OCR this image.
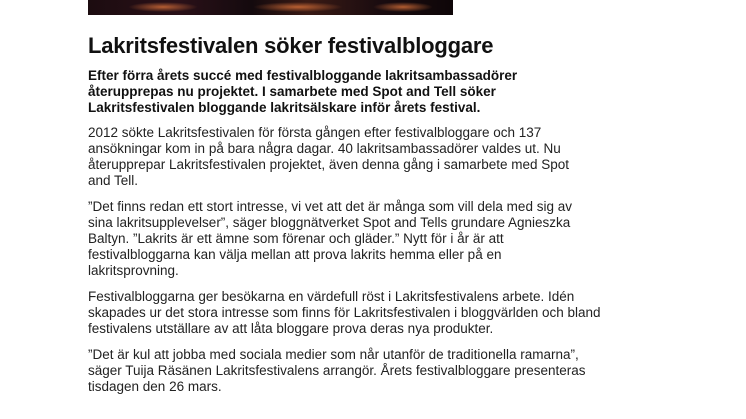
Lakritsfestivalen söker festivalbloggare

Efter förra årets succé med festivalbloggande lakritsambassadörer
återupprepas nu projektet. I samarbete med Spot and Tell söker
Lakritsfestivalen bloggande lakritsälskare inför årets festival.

2012 sökte Lakritsfestivalen för första gången efter festivalbloggare och 137
ansökningar kom in på bara några dagar. 40 lakritsambassadörer valdes ut. Nu
återupprepar Lakritsfestivalen projektet, även denna gång i samarbete med Spot
and Tell.

”Det finns redan ett stort intresse, vi vet att det är många som vill dela med sig av
sina lakritsupplevelser”, säger bloggnätverket Spot and Tells grundare Agnieszka
Baltyn. ”Lakrits är ett ämne som förenar och gläder.” Nytt för i år är att
festivalbloggarna kan välja mellan att prova lakrits hemma eller på en
lakritsprovning.

Festivalbloggarna ger besökarna en värdefull röst i Lakritsfestivalens arbete. Idén
skapades ur det stora intresse som finns för Lakritsfestivalen i bloggvärlden och bland
festivalens utställare av att låta bloggare prova deras nya produkter.

”Det är kul att jobba med sociala medier som når utanför de traditionella ramarna”,
säger Tuija Räsänen Lakritsfestivalens arrangör. Årets festivalbloggare presenteras
tisdagen den 26 mars.
